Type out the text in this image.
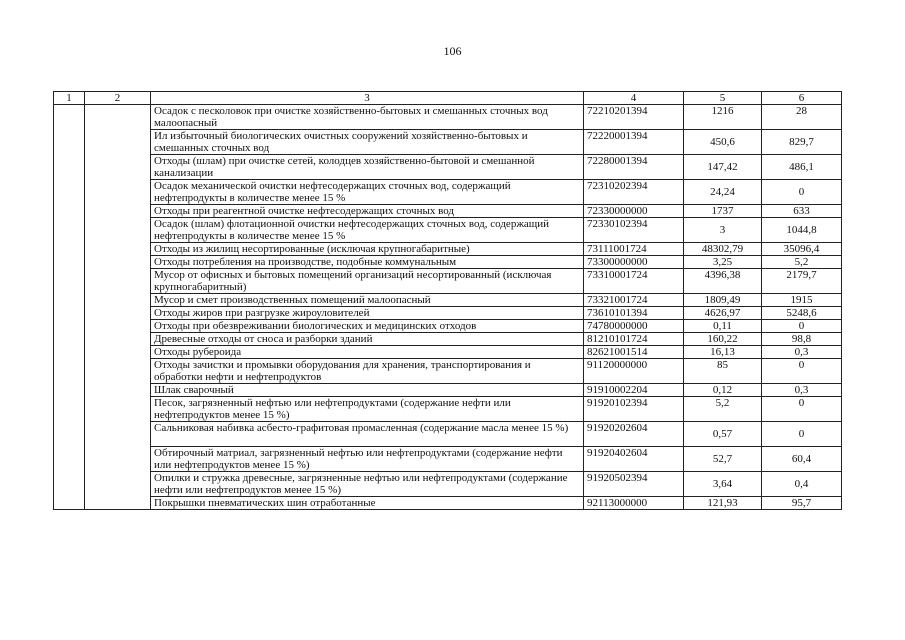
106
1	2	3	4	5	6
		Осадок с песколовок при очистке хозяйственно-бытовых и смешанных сточных вод малоопасный	72210201394	1216	28
		Ил избыточный биологических очистных сооружений хозяйственно-бытовых и смешанных сточных вод	72220001394	450,6	829,7
		Отходы (шлам) при очистке сетей, колодцев хозяйственно-бытовой и смешанной канализации	72280001394	147,42	486,1
		Осадок механической очистки нефтесодержащих сточных вод, содержащий нефтепродукты в количестве менее 15 %	72310202394	24,24	0
		Отходы при реагентной очистке нефтесодержащих сточных вод	72330000000	1737	633
		Осадок (шлам) флотационной очистки нефтесодержащих сточных вод, содержащий нефтепродукты в количестве менее 15 %	72330102394	3	1044,8
		Отходы из жилищ несортированные (исключая крупногабаритные)	73111001724	48302,79	35096,4
		Отходы потребления на производстве, подобные коммунальным	73300000000	3,25	5,2
		Мусор от офисных и бытовых помещений организаций несортированный (исключая крупногабаритный)	73310001724	4396,38	2179,7
		Мусор и смет производственных помещений малоопасный	73321001724	1809,49	1915
		Отходы жиров при разгрузке жироуловителей	73610101394	4626,97	5248,6
		Отходы при обезвреживании биологических и медицинских отходов	74780000000	0,11	0
		Древесные отходы от сноса и разборки зданий	81210101724	160,22	98,8
		Отходы рубероида	82621001514	16,13	0,3
		Отходы зачистки и промывки оборудования для хранения, транспортирования и обработки нефти и нефтепродуктов	91120000000	85	0
		Шлак сварочный	91910002204	0,12	0,3
		Песок, загрязненный нефтью или нефтепродуктами (содержание нефти или нефтепродуктов менее 15 %)	91920102394	5,2	0
		Сальниковая набивка асбесто-графитовая промасленная (содержание масла менее 15 %)	91920202604	0,57	0
		Обтирочный матриал, загрязненный нефтью или нефтепродуктами (содержание нефти или нефтепродуктов менее 15 %)	91920402604	52,7	60,4
		Опилки и стружка древесные, загрязненные нефтью или нефтепродуктами (содержание нефти или нефтепродуктов менее 15 %)	91920502394	3,64	0,4
		Покрышки пневматических шин отработанные	92113000000	121,93	95,7
